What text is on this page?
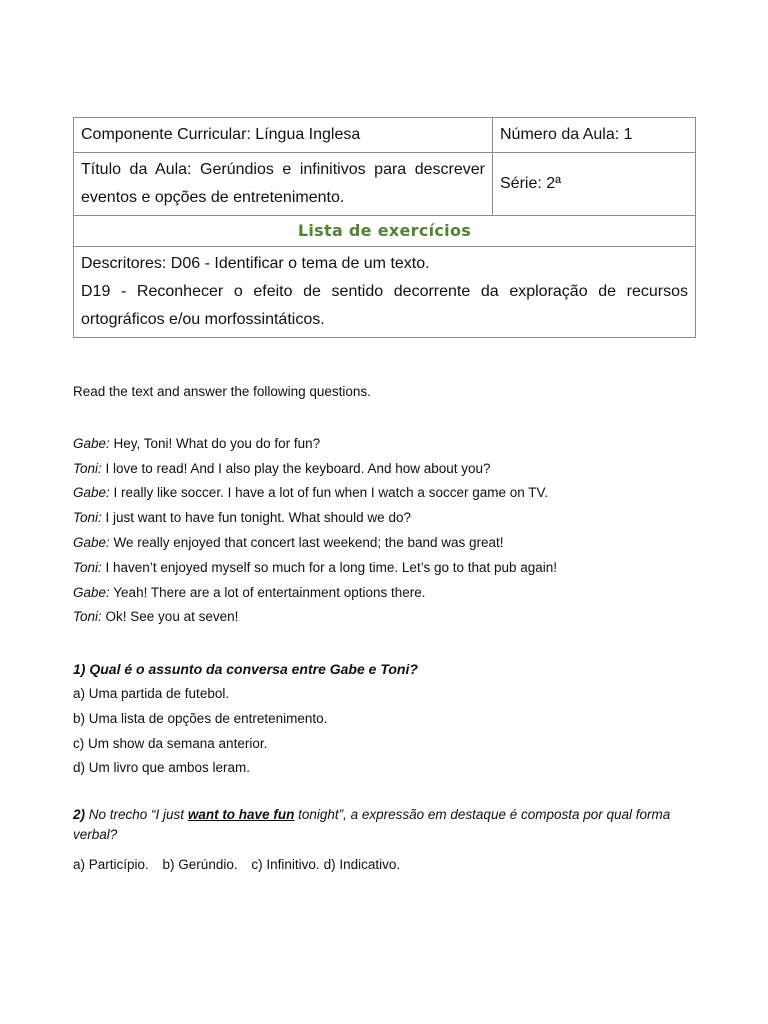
Componente Curricular: Língua Inglesa	Número da Aula: 1

Título da Aula: Gerúndios e infinitivos para descrever
eventos e opções de entretenimento.	Série: 2ª
Lista de exercícios	

Descritores: D06 - Identificar o tema de um texto.
D19 - Reconhecer o efeito de sentido decorrente da exploração de recursos
ortográficos e/ou morfossintáticos.	

Read the text and answer the following questions.

Gabe: Hey, Toni! What do you do for fun?

Toni: I love to read! And I also play the keyboard. And how about you?

Gabe: I really like soccer. I have a lot of fun when I watch a soccer game on TV.

Toni: I just want to have fun tonight. What should we do?

Gabe: We really enjoyed that concert last weekend; the band was great!

Toni: I haven’t enjoyed myself so much for a long time. Let’s go to that pub again!

Gabe: Yeah! There are a lot of entertainment options there.

Toni: Ok! See you at seven!

1) Qual é o assunto da conversa entre Gabe e Toni?

a) Uma partida de futebol.

b) Uma lista de opções de entretenimento.

c) Um show da semana anterior.

d) Um livro que ambos leram.

2) No trecho “I just want to have fun tonight”, a expressão em destaque é composta por qual forma verbal?

a) Particípio. b) Gerúndio. c) Infinitivo. d) Indicativo.
